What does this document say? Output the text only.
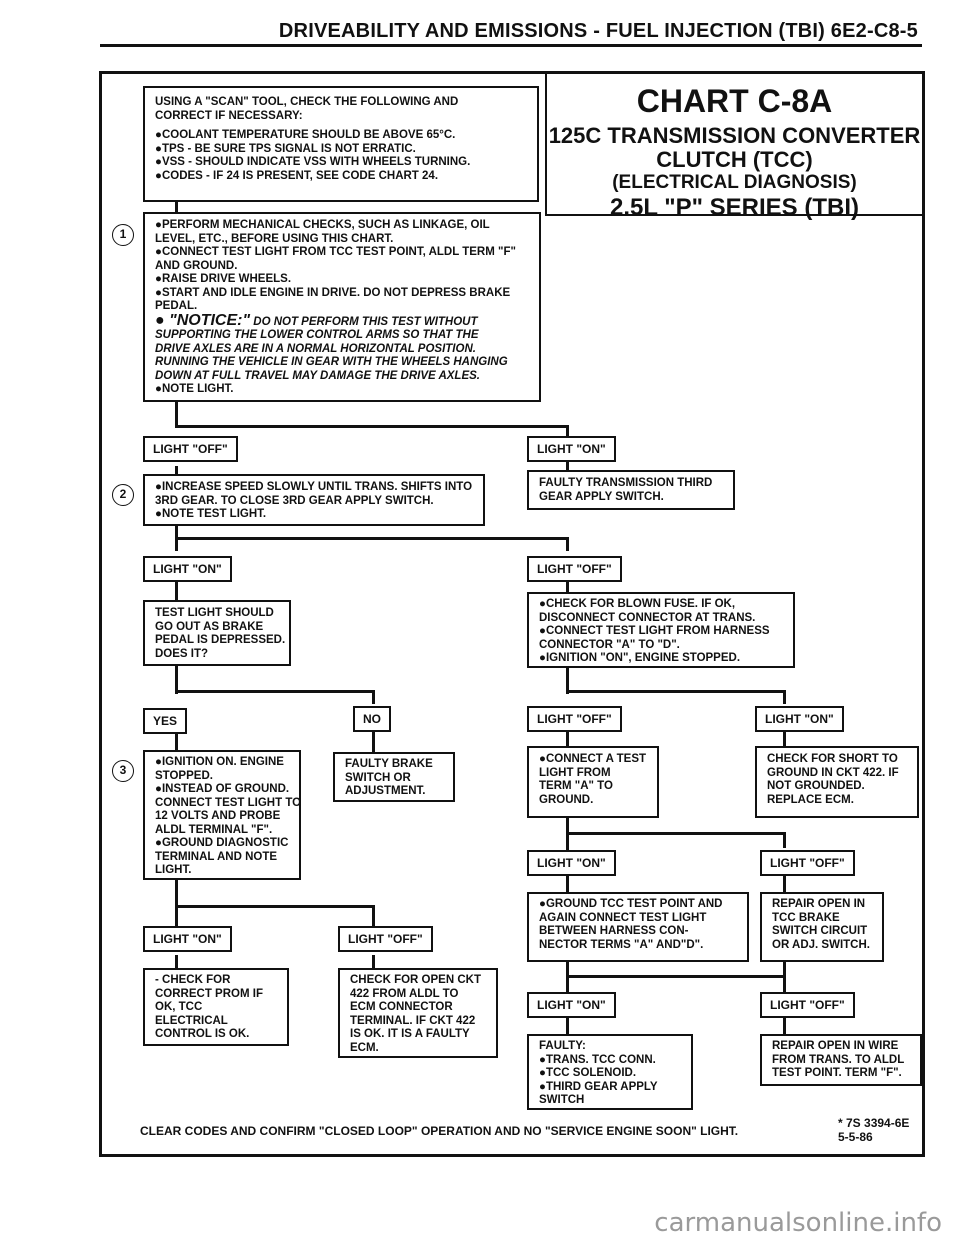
DRIVEABILITY AND EMISSIONS - FUEL INJECTION (TBI) 6E2-C8-5
CHART C-8A
125C TRANSMISSION CONVERTER
CLUTCH (TCC)
(ELECTRICAL DIAGNOSIS)
2.5L "P" SERIES (TBI)
USING A "SCAN" TOOL, CHECK THE FOLLOWING AND
CORRECT IF NECESSARY:
●COOLANT TEMPERATURE SHOULD BE ABOVE 65°C.
●TPS - BE SURE TPS SIGNAL IS NOT ERRATIC.
●VSS - SHOULD INDICATE VSS WITH WHEELS TURNING.
●CODES - IF 24 IS PRESENT, SEE CODE CHART 24.
1
●PERFORM MECHANICAL CHECKS, SUCH AS LINKAGE, OIL
LEVEL, ETC., BEFORE USING THIS CHART.
●CONNECT TEST LIGHT FROM TCC TEST POINT, ALDL TERM "F"
AND GROUND.
●RAISE DRIVE WHEELS.
●START AND IDLE ENGINE IN DRIVE. DO NOT DEPRESS BRAKE
PEDAL.
● "NOTICE:" DO NOT PERFORM THIS TEST WITHOUT
SUPPORTING THE LOWER CONTROL ARMS SO THAT THE
DRIVE AXLES ARE IN A NORMAL HORIZONTAL POSITION.
RUNNING THE VEHICLE IN GEAR WITH THE WHEELS HANGING
DOWN AT FULL TRAVEL MAY DAMAGE THE DRIVE AXLES.
●NOTE LIGHT.
LIGHT "OFF"	LIGHT "ON"
2	●INCREASE SPEED SLOWLY UNTIL TRANS. SHIFTS INTO
3RD GEAR. TO CLOSE 3RD GEAR APPLY SWITCH.
●NOTE TEST LIGHT.
FAULTY TRANSMISSION THIRD
GEAR APPLY SWITCH.
LIGHT "ON"	LIGHT "OFF"
TEST LIGHT SHOULD
GO OUT AS BRAKE
PEDAL IS DEPRESSED.
DOES IT?
●CHECK FOR BLOWN FUSE. IF OK,
DISCONNECT CONNECTOR AT TRANS.
●CONNECT TEST LIGHT FROM HARNESS
CONNECTOR "A" TO "D".
●IGNITION "ON", ENGINE STOPPED.
YES	NO	LIGHT "OFF"	LIGHT "ON"
3
●IGNITION ON. ENGINE
STOPPED.
●INSTEAD OF GROUND.
CONNECT TEST LIGHT TO
12 VOLTS AND PROBE
ALDL TERMINAL "F".
●GROUND DIAGNOSTIC
TERMINAL AND NOTE
LIGHT.
FAULTY BRAKE
SWITCH OR
ADJUSTMENT.
●CONNECT A TEST
LIGHT FROM
TERM "A" TO
GROUND.
CHECK FOR SHORT TO
GROUND IN CKT 422. IF
NOT GROUNDED.
REPLACE ECM.
LIGHT "ON"	LIGHT "OFF"
LIGHT "ON"	LIGHT "OFF"
●GROUND TCC TEST POINT AND
AGAIN CONNECT TEST LIGHT
BETWEEN HARNESS CON-
NECTOR TERMS "A" AND"D".
REPAIR OPEN IN
TCC BRAKE
SWITCH CIRCUIT
OR ADJ. SWITCH.
- CHECK FOR
CORRECT PROM IF
OK, TCC
ELECTRICAL
CONTROL IS OK.
CHECK FOR OPEN CKT
422 FROM ALDL TO
ECM CONNECTOR
TERMINAL. IF CKT 422
IS OK. IT IS A FAULTY
ECM.
LIGHT "ON"	LIGHT "OFF"
FAULTY:
●TRANS. TCC CONN.
●TCC SOLENOID.
●THIRD GEAR APPLY
SWITCH
REPAIR OPEN IN WIRE
FROM TRANS. TO ALDL
TEST POINT. TERM "F".
CLEAR CODES AND CONFIRM "CLOSED LOOP" OPERATION AND NO "SERVICE ENGINE SOON" LIGHT.
* 7S 3394-6E
5-5-86
carmanualsonline.info
